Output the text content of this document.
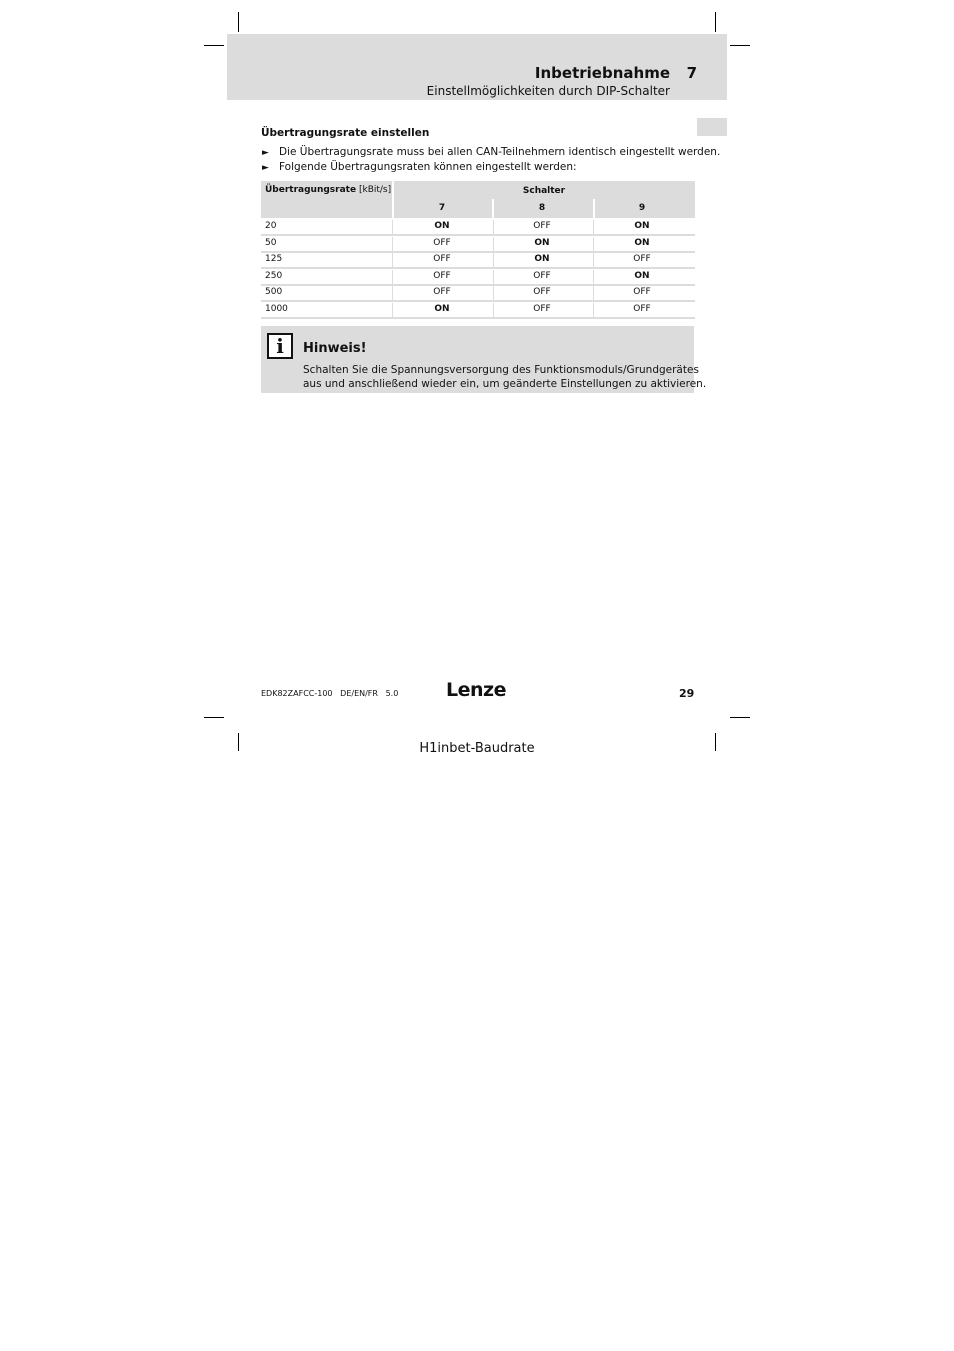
Inbetriebnahme 7
Einstellmöglichkeiten durch DIP-Schalter
Übertragungsrate einstellen
► Die Übertragungsrate muss bei allen CAN-Teilnehmern identisch eingestellt werden.
► Folgende Übertragungsraten können eingestellt werden:
Übertragungsrate [kBit/s]	Schalter
7	8	9
20	ON	OFF	ON
50	OFF	ON	ON
125	OFF	ON	OFF
250	OFF	OFF	ON
500	OFF	OFF	OFF
1000	ON	OFF	OFF
i	Hinweis!
Schalten Sie die Spannungsversorgung des Funktionsmoduls/Grundgerätes
aus und anschließend wieder ein, um geänderte Einstellungen zu aktivieren.
EDK82ZAFCC-100   DE/EN/FR   5.0	Lenze	29
H1inbet-Baudrate
